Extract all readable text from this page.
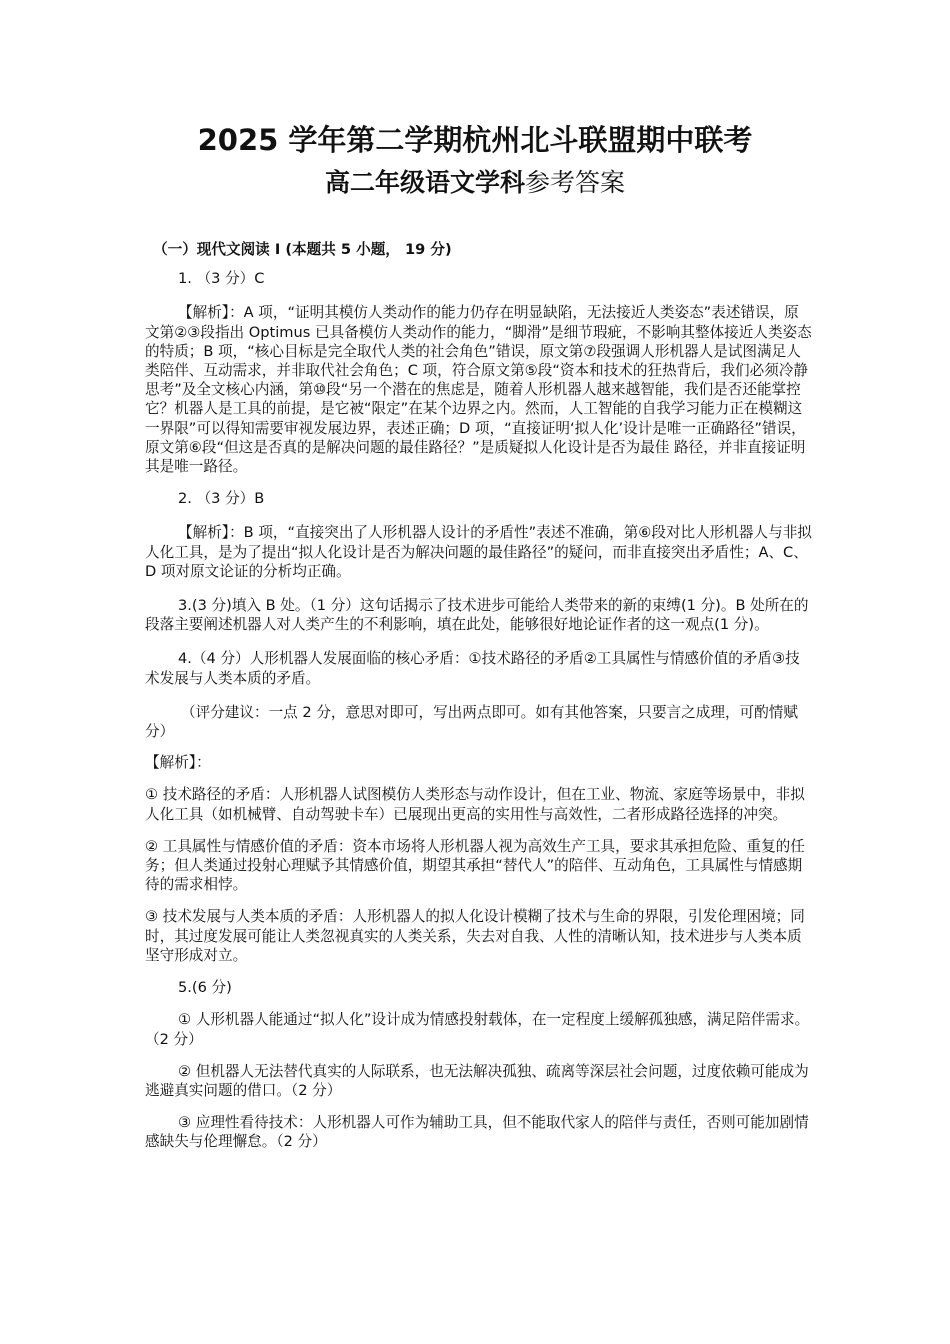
2025 学年第二学期杭州北斗联盟期中联考
高二年级语文学科参考答案

（一）现代文阅读 Ⅰ (本题共 5 小题， 19 分)

1. （3 分）C

【解析】：A 项，“证明其模仿人类动作的能力仍存在明显缺陷，无法接近人类姿态”表述错误，原文第②③段指出 Optimus 已具备模仿人类动作的能力，“脚滑”是细节瑕疵，不影响其整体接近人类姿态的特质；B 项，“核心目标是完全取代人类的社会角色”错误，原文第⑦段强调人形机器人是试图满足人类陪伴、互动需求，并非取代社会角色；C 项，符合原文第⑤段“资本和技术的狂热背后，我们必须冷静思考”及全文核心内涵，第⑩段“另一个潜在的焦虑是，随着人形机器人越来越智能，我们是否还能掌控它？机器人是工具的前提，是它被“限定”在某个边界之内。然而，人工智能的自我学习能力正在模糊这一界限”可以得知需要审视发展边界，表述正确；D 项，“直接证明‘拟人化’设计是唯一正确路径”错误，原文第⑥段“但这是否真的是解决问题的最佳路径？”是质疑拟人化设计是否为最佳 路径，并非直接证明其是唯一路径。

2. （3 分）B

【解析】：B 项，“直接突出了人形机器人设计的矛盾性”表述不准确，第⑥段对比人形机器人与非拟人化工具，是为了提出“拟人化设计是否为解决问题的最佳路径”的疑问，而非直接突出矛盾性；A、C、D 项对原文论证的分析均正确。

3.(3 分)填入 B 处。（1 分）这句话揭示了技术进步可能给人类带来的新的束缚(1 分)。B 处所在的段落主要阐述机器人对人类产生的不利影响，填在此处，能够很好地论证作者的这一观点(1 分)。

4.（4 分）人形机器人发展面临的核心矛盾：①技术路径的矛盾②工具属性与情感价值的矛盾③技术发展与人类本质的矛盾。

（评分建议：一点 2 分，意思对即可，写出两点即可。如有其他答案，只要言之成理，可酌情赋分）

【解析】：

① 技术路径的矛盾：人形机器人试图模仿人类形态与动作设计，但在工业、物流、家庭等场景中，非拟人化工具（如机械臂、自动驾驶卡车）已展现出更高的实用性与高效性，二者形成路径选择的冲突。

② 工具属性与情感价值的矛盾：资本市场将人形机器人视为高效生产工具，要求其承担危险、重复的任务；但人类通过投射心理赋予其情感价值，期望其承担“替代人”的陪伴、互动角色，工具属性与情感期待的需求相悖。

③ 技术发展与人类本质的矛盾：人形机器人的拟人化设计模糊了技术与生命的界限，引发伦理困境；同时，其过度发展可能让人类忽视真实的人类关系，失去对自我、人性的清晰认知，技术进步与人类本质坚守形成对立。

5.(6 分)

① 人形机器人能通过“拟人化”设计成为情感投射载体，在一定程度上缓解孤独感，满足陪伴需求。（2 分）

② 但机器人无法替代真实的人际联系，也无法解决孤独、疏离等深层社会问题，过度依赖可能成为逃避真实问题的借口。（2 分）

③ 应理性看待技术：人形机器人可作为辅助工具，但不能取代家人的陪伴与责任，否则可能加剧情感缺失与伦理懈怠。（2 分）
